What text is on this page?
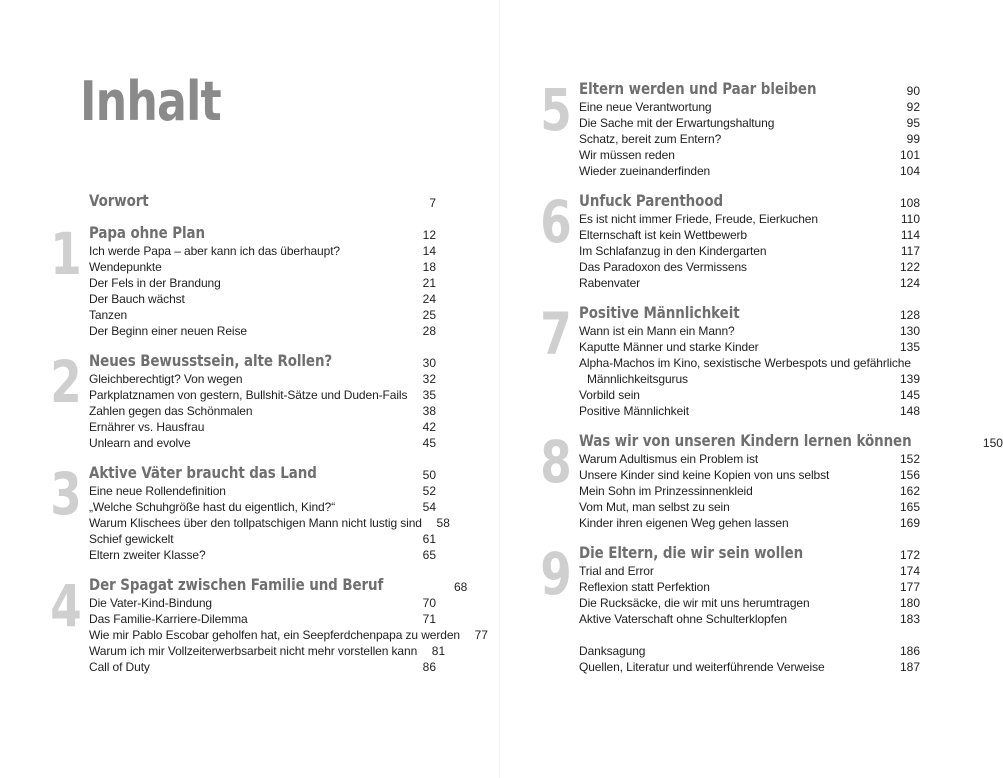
Inhalt
Vorwort	7
1 Papa ohne Plan	12
Ich werde Papa – aber kann ich das überhaupt?	14
Wendepunkte	18
Der Fels in der Brandung	21
Der Bauch wächst	24
Tanzen	25
Der Beginn einer neuen Reise	28
2 Neues Bewusstsein, alte Rollen?	30
Gleichberechtigt? Von wegen	32
Parkplatznamen von gestern, Bullshit-Sätze und Duden-Fails	35
Zahlen gegen das Schönmalen	38
Ernährer vs. Hausfrau	42
Unlearn and evolve	45
3 Aktive Väter braucht das Land	50
Eine neue Rollendefinition	52
„Welche Schuhgröße hast du eigentlich, Kind?“	54
Warum Klischees über den tollpatschigen Mann nicht lustig sind	58
Schief gewickelt	61
Eltern zweiter Klasse?	65
4 Der Spagat zwischen Familie und Beruf	68
Die Vater-Kind-Bindung	70
Das Familie-Karriere-Dilemma	71
Wie mir Pablo Escobar geholfen hat, ein Seepferdchenpapa zu werden	77
Warum ich mir Vollzeiterwerbsarbeit nicht mehr vorstellen kann	81
Call of Duty	86
5 Eltern werden und Paar bleiben	90
Eine neue Verantwortung	92
Die Sache mit der Erwartungshaltung	95
Schatz, bereit zum Entern?	99
Wir müssen reden	101
Wieder zueinanderfinden	104
6 Unfuck Parenthood	108
Es ist nicht immer Friede, Freude, Eierkuchen	110
Elternschaft ist kein Wettbewerb	114
Im Schlafanzug in den Kindergarten	117
Das Paradoxon des Vermissens	122
Rabenvater	124
7 Positive Männlichkeit	128
Wann ist ein Mann ein Mann?	130
Kaputte Männer und starke Kinder	135
Alpha-Machos im Kino, sexistische Werbespots und gefährliche
Männlichkeitsgurus	139
Vorbild sein	145
Positive Männlichkeit	148
8 Was wir von unseren Kindern lernen können	150
Warum Adultismus ein Problem ist	152
Unsere Kinder sind keine Kopien von uns selbst	156
Mein Sohn im Prinzessinnenkleid	162
Vom Mut, man selbst zu sein	165
Kinder ihren eigenen Weg gehen lassen	169
9 Die Eltern, die wir sein wollen	172
Trial and Error	174
Reflexion statt Perfektion	177
Die Rucksäcke, die wir mit uns herumtragen	180
Aktive Vaterschaft ohne Schulterklopfen	183
Danksagung	186
Quellen, Literatur und weiterführende Verweise	187
